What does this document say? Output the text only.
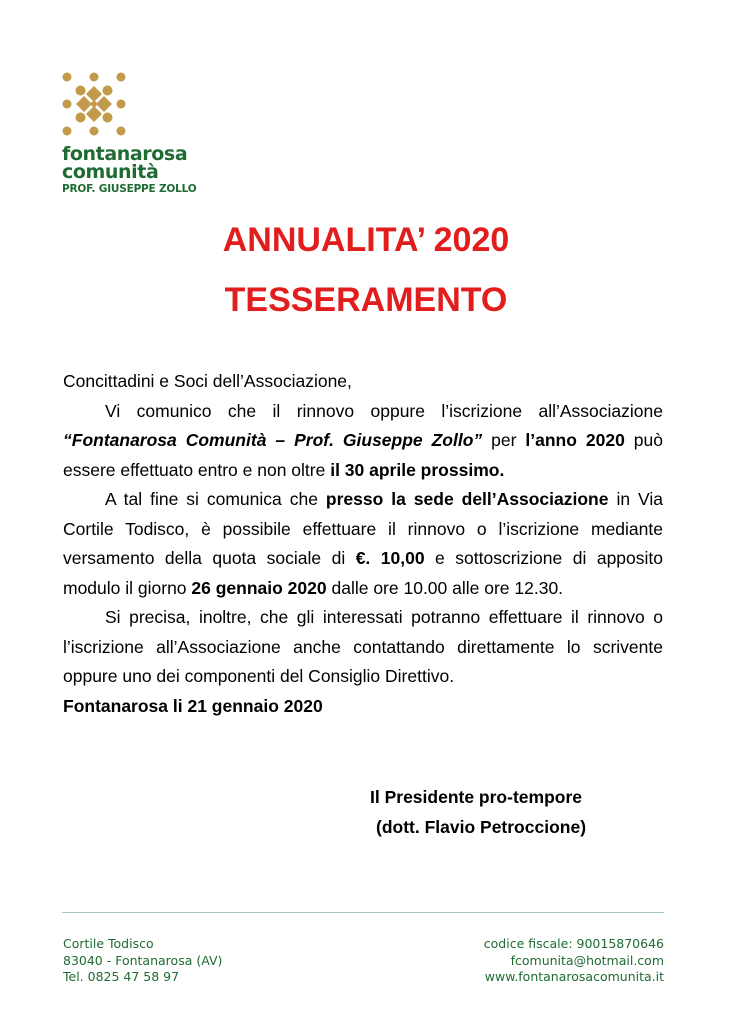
fontanarosa
comunità
PROF. GIUSEPPE ZOLLO
ANNUALITA’ 2020
TESSERAMENTO

Concittadini e Soci dell’Associazione,

Vi comunico che il rinnovo oppure l’iscrizione all’Associazione “Fontanarosa Comunità – Prof. Giuseppe Zollo” per l’anno 2020 può essere effettuato entro e non oltre il 30 aprile prossimo.

A tal fine si comunica che presso la sede dell’Associazione in Via Cortile Todisco, è possibile effettuare il rinnovo o l’iscrizione mediante versamento della quota sociale di €. 10,00 e sottoscrizione di apposito modulo il giorno 26 gennaio 2020 dalle ore 10.00 alle ore 12.30.

Si precisa, inoltre, che gli interessati potranno effettuare il rinnovo o l’iscrizione all’Associazione anche contattando direttamente lo scrivente oppure uno dei componenti del Consiglio Direttivo.

Fontanarosa li 21 gennaio 2020

Il Presidente pro-tempore
(dott. Flavio Petroccione)
Cortile Todisco
83040 - Fontanarosa (AV)
Tel. 0825 47 58 97
codice fiscale: 90015870646
fcomunita@hotmail.com
www.fontanarosacomunita.it
